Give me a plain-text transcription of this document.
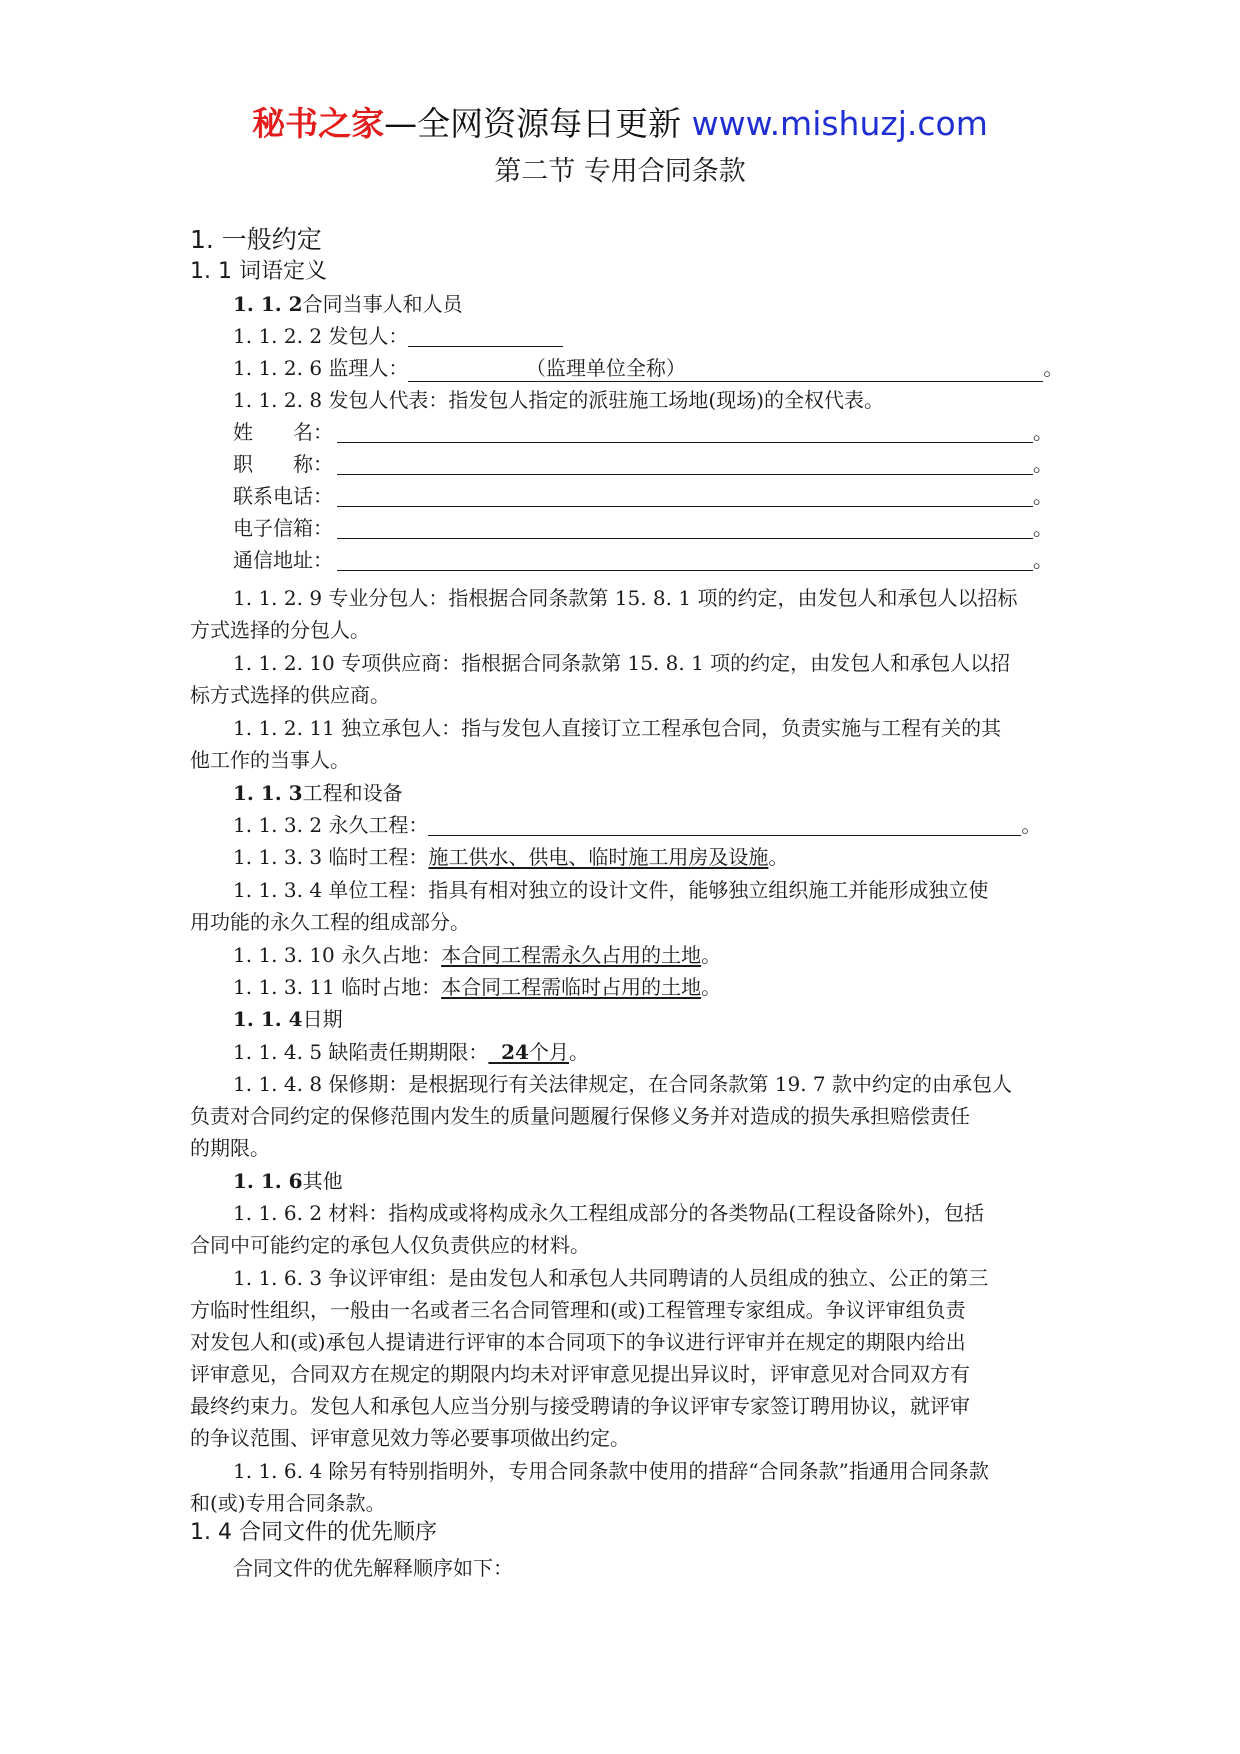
秘书之家—全网资源每日更新 www.mishuzj.com
第二节 专用合同条款
1. 一般约定
1. 1 词语定义
1. 1. 2合同当事人和人员
1. 1. 2. 2 发包人：
1. 1. 2. 6 监理人：	（监理单位全称）	。
1. 1. 2. 8 发包人代表：指发包人指定的派驻施工场地(现场)的全权代表。
姓　　名：	。
职　　称：	。
联系电话：	。
电子信箱：	。
通信地址：	。
1. 1. 2. 9 专业分包人：指根据合同条款第 15. 8. 1 项的约定，由发包人和承包人以招标
方式选择的分包人。
1. 1. 2. 10 专项供应商：指根据合同条款第 15. 8. 1 项的约定，由发包人和承包人以招
标方式选择的供应商。
1. 1. 2. 11 独立承包人：指与发包人直接订立工程承包合同，负责实施与工程有关的其
他工作的当事人。
1. 1. 3工程和设备
1. 1. 3. 2 永久工程：	。
1. 1. 3. 3 临时工程：施工供水、供电、临时施工用房及设施。
1. 1. 3. 4 单位工程：指具有相对独立的设计文件，能够独立组织施工并能形成独立使
用功能的永久工程的组成部分。
1. 1. 3. 10 永久占地：本合同工程需永久占用的土地。
1. 1. 3. 11 临时占地：本合同工程需临时占用的土地。
1. 1. 4日期
1. 1. 4. 5 缺陷责任期期限： 24个月。
1. 1. 4. 8 保修期：是根据现行有关法律规定，在合同条款第 19. 7 款中约定的由承包人
负责对合同约定的保修范围内发生的质量问题履行保修义务并对造成的损失承担赔偿责任
的期限。
1. 1. 6其他
1. 1. 6. 2 材料：指构成或将构成永久工程组成部分的各类物品(工程设备除外)，包括
合同中可能约定的承包人仅负责供应的材料。
1. 1. 6. 3 争议评审组：是由发包人和承包人共同聘请的人员组成的独立、公正的第三
方临时性组织，一般由一名或者三名合同管理和(或)工程管理专家组成。争议评审组负责
对发包人和(或)承包人提请进行评审的本合同项下的争议进行评审并在规定的期限内给出
评审意见，合同双方在规定的期限内均未对评审意见提出异议时，评审意见对合同双方有
最终约束力。发包人和承包人应当分别与接受聘请的争议评审专家签订聘用协议，就评审
的争议范围、评审意见效力等必要事项做出约定。
1. 1. 6. 4 除另有特别指明外，专用合同条款中使用的措辞“合同条款”指通用合同条款
和(或)专用合同条款。
1. 4 合同文件的优先顺序
合同文件的优先解释顺序如下：
